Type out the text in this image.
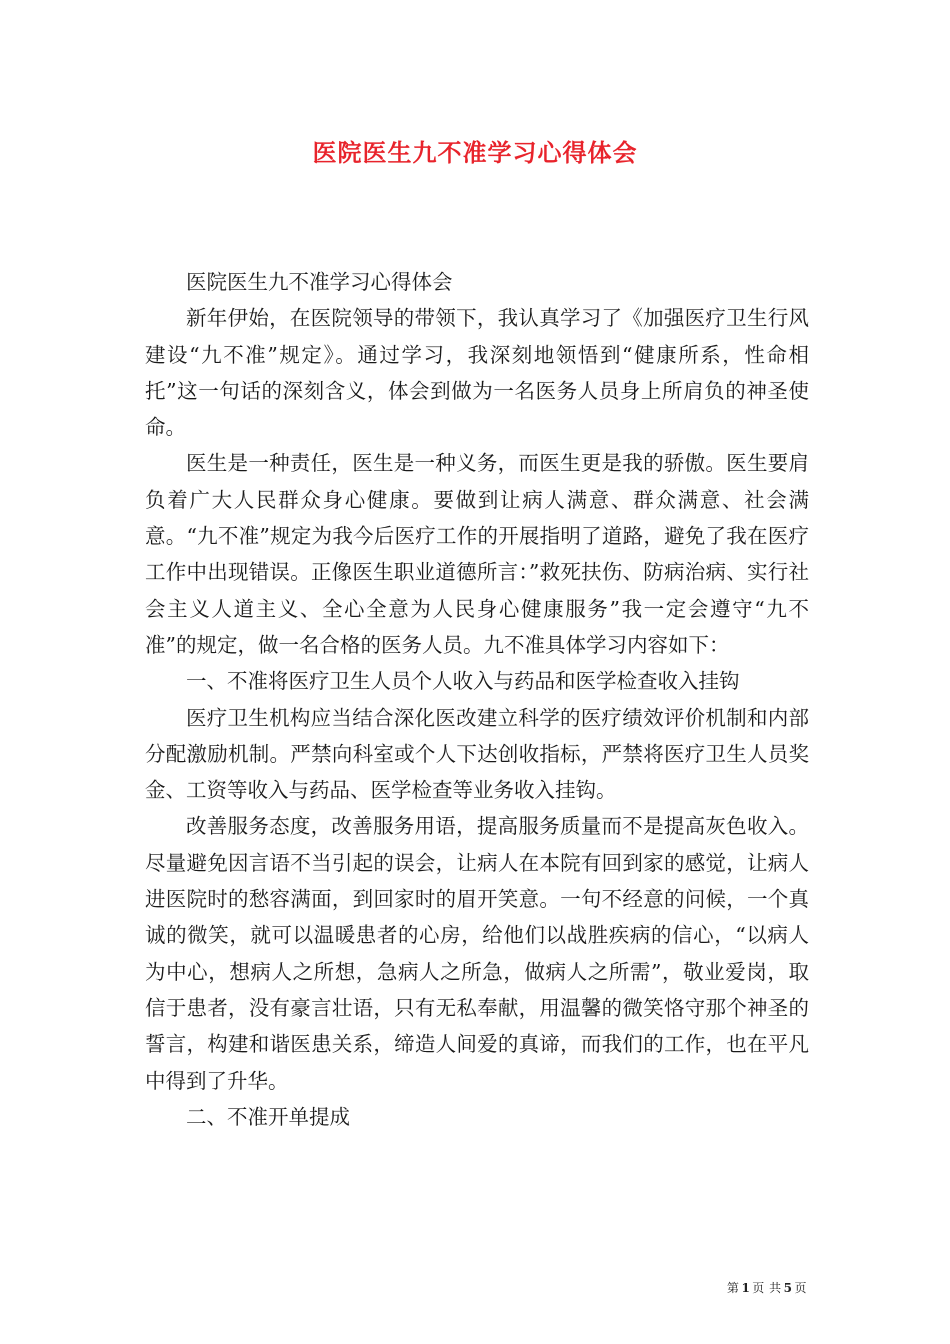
医院医生九不准学习心得体会

医院医生九不准学习心得体会

新年伊始，在医院领导的带领下，我认真学习了《加强医疗卫生行风建设“九不准”规定》。通过学习，我深刻地领悟到“健康所系，性命相托”这一句话的深刻含义，体会到做为一名医务人员身上所肩负的神圣使命。

医生是一种责任，医生是一种义务，而医生更是我的骄傲。医生要肩负着广大人民群众身心健康。要做到让病人满意、群众满意、社会满意。“九不准”规定为我今后医疗工作的开展指明了道路，避免了我在医疗工作中出现错误。正像医生职业道德所言：”救死扶伤、防病治病、实行社会主义人道主义、全心全意为人民身心健康服务”我一定会遵守“九不准”的规定，做一名合格的医务人员。九不准具体学习内容如下：

一、不准将医疗卫生人员个人收入与药品和医学检查收入挂钩

医疗卫生机构应当结合深化医改建立科学的医疗绩效评价机制和内部分配激励机制。严禁向科室或个人下达创收指标，严禁将医疗卫生人员奖金、工资等收入与药品、医学检查等业务收入挂钩。

改善服务态度，改善服务用语，提高服务质量而不是提高灰色收入。尽量避免因言语不当引起的误会，让病人在本院有回到家的感觉，让病人进医院时的愁容满面，到回家时的眉开笑意。一句不经意的问候，一个真诚的微笑，就可以温暖患者的心房，给他们以战胜疾病的信心，“以病人为中心，想病人之所想，急病人之所急，做病人之所需”，敬业爱岗，取信于患者，没有豪言壮语，只有无私奉献，用温馨的微笑恪守那个神圣的誓言，构建和谐医患关系，缔造人间爱的真谛，而我们的工作，也在平凡中得到了升华。

二、不准开单提成

第 1 页 共 5 页
